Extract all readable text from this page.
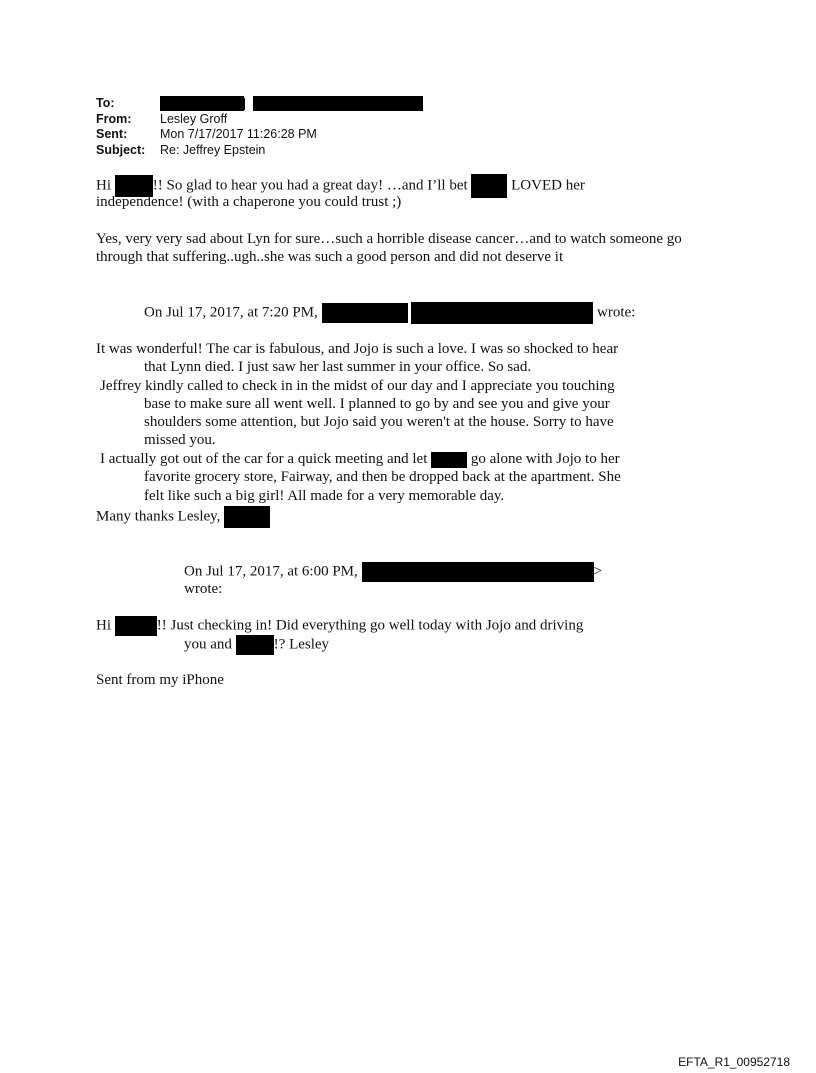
To:
From:	Lesley Groff
Sent:	Mon 7/17/2017 11:26:28 PM
Subject:	Re: Jeffrey Epstein
Hi	!! So glad to hear you had a great day! …and I’ll bet	LOVED her
independence! (with a chaperone you could trust ;)
Yes, very very sad about Lyn for sure…such a horrible disease cancer…and to watch someone go
through that suffering..ugh..she was such a good person and did not deserve it
On Jul 17, 2017, at 7:20 PM,	wrote:
It was wonderful! The car is fabulous, and Jojo is such a love. I was so shocked to hear
that Lynn died. I just saw her last summer in your office. So sad.
Jeffrey kindly called to check in in the midst of our day and I appreciate you touching
base to make sure all went well. I planned to go by and see you and give your
shoulders some attention, but Jojo said you weren't at the house. Sorry to have
missed you.
I actually got out of the car for a quick meeting and let	go alone with Jojo to her
favorite grocery store, Fairway, and then be dropped back at the apartment. She
felt like such a big girl! All made for a very memorable day.
Many thanks Lesley,
On Jul 17, 2017, at 6:00 PM,	>
wrote:
Hi	!! Just checking in! Did everything go well today with Jojo and driving
you and	!? Lesley
Sent from my iPhone
EFTA_R1_00952718
